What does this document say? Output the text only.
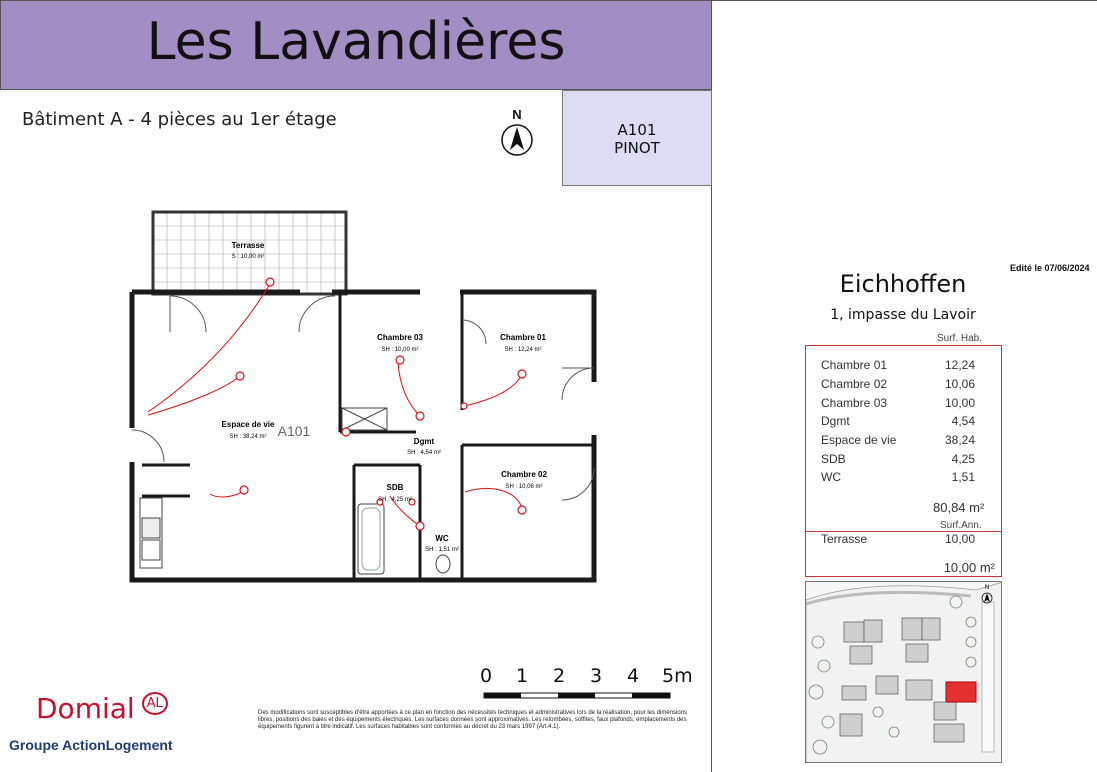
Les Lavandières
Bâtiment A - 4 pièces au 1er étage	N
A101
PINOT
Terrasse
S : 10,00 m²
Chambre 03
SH : 10,00 m²
Chambre 01
SH : 12,24 m²
Espace de vie
SH : 38,24 m² A101
Dgmt
SH : 4,54 m²
Chambre 02
SH : 10,06 m²
SDB
SH : 4,25 m²
WC
SH : 1,51 m²
0 1 2 3 4 5m
Domial AL
Groupe ActionLogement
Des modifications sont susceptibles d'être apportées à ce plan en fonction des nécessités techniques et administratives lors de la réalisation, pour les dimensions libres, positions des baies et des équipements électriques. Les surfaces données sont approximatives. Les retombées, soffites, faux plafonds, emplacements des équipements figurent à titre indicatif. Les surfaces habitables sont conformes au décret du 23 mars 1997 (Art.4.1).
Edité le 07/06/2024
Eichhoffen
1, impasse du Lavoir
Surf. Hab.
Chambre 01	12,24
Chambre 02	10,06
Chambre 03	10,00
Dgmt	4,54
Espace de vie	38,24
SDB	4,25
WC	1,51
80,84 m²
Surf.Ann.
Terrasse	10,00
10,00 m²
N
